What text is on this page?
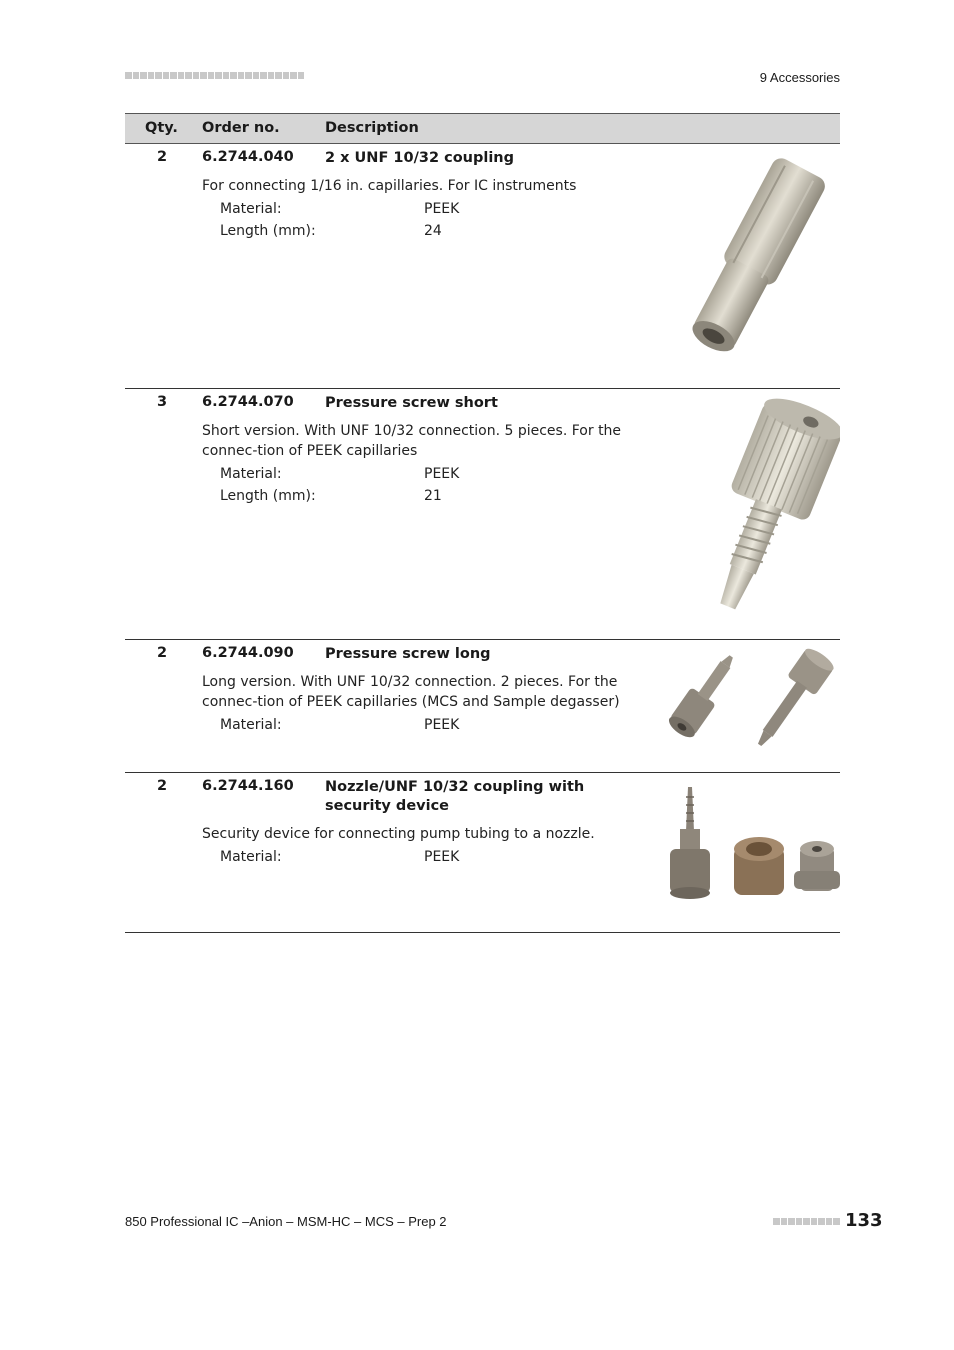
9 Accessories
Qty. Order no.	Description
2 6.2744.040 2 x UNF 10/32 coupling
For connecting 1/16 in. capillaries. For IC instruments
Material:	PEEK
Length (mm):	24
3 6.2744.070 Pressure screw short
Short version. With UNF 10/32 connection. 5 pieces. For the connec-tion of PEEK capillaries
Material:	PEEK
Length (mm):	21
2 6.2744.090 Pressure screw long
Long version. With UNF 10/32 connection. 2 pieces. For the connec-tion of PEEK capillaries (MCS and Sample degasser)
Material:	PEEK
2 6.2744.160 Nozzle/UNF 10/32 coupling with security device
Security device for connecting pump tubing to a nozzle.
Material:	PEEK
850 Professional IC –Anion – MSM-HC – MCS – Prep 2	133
